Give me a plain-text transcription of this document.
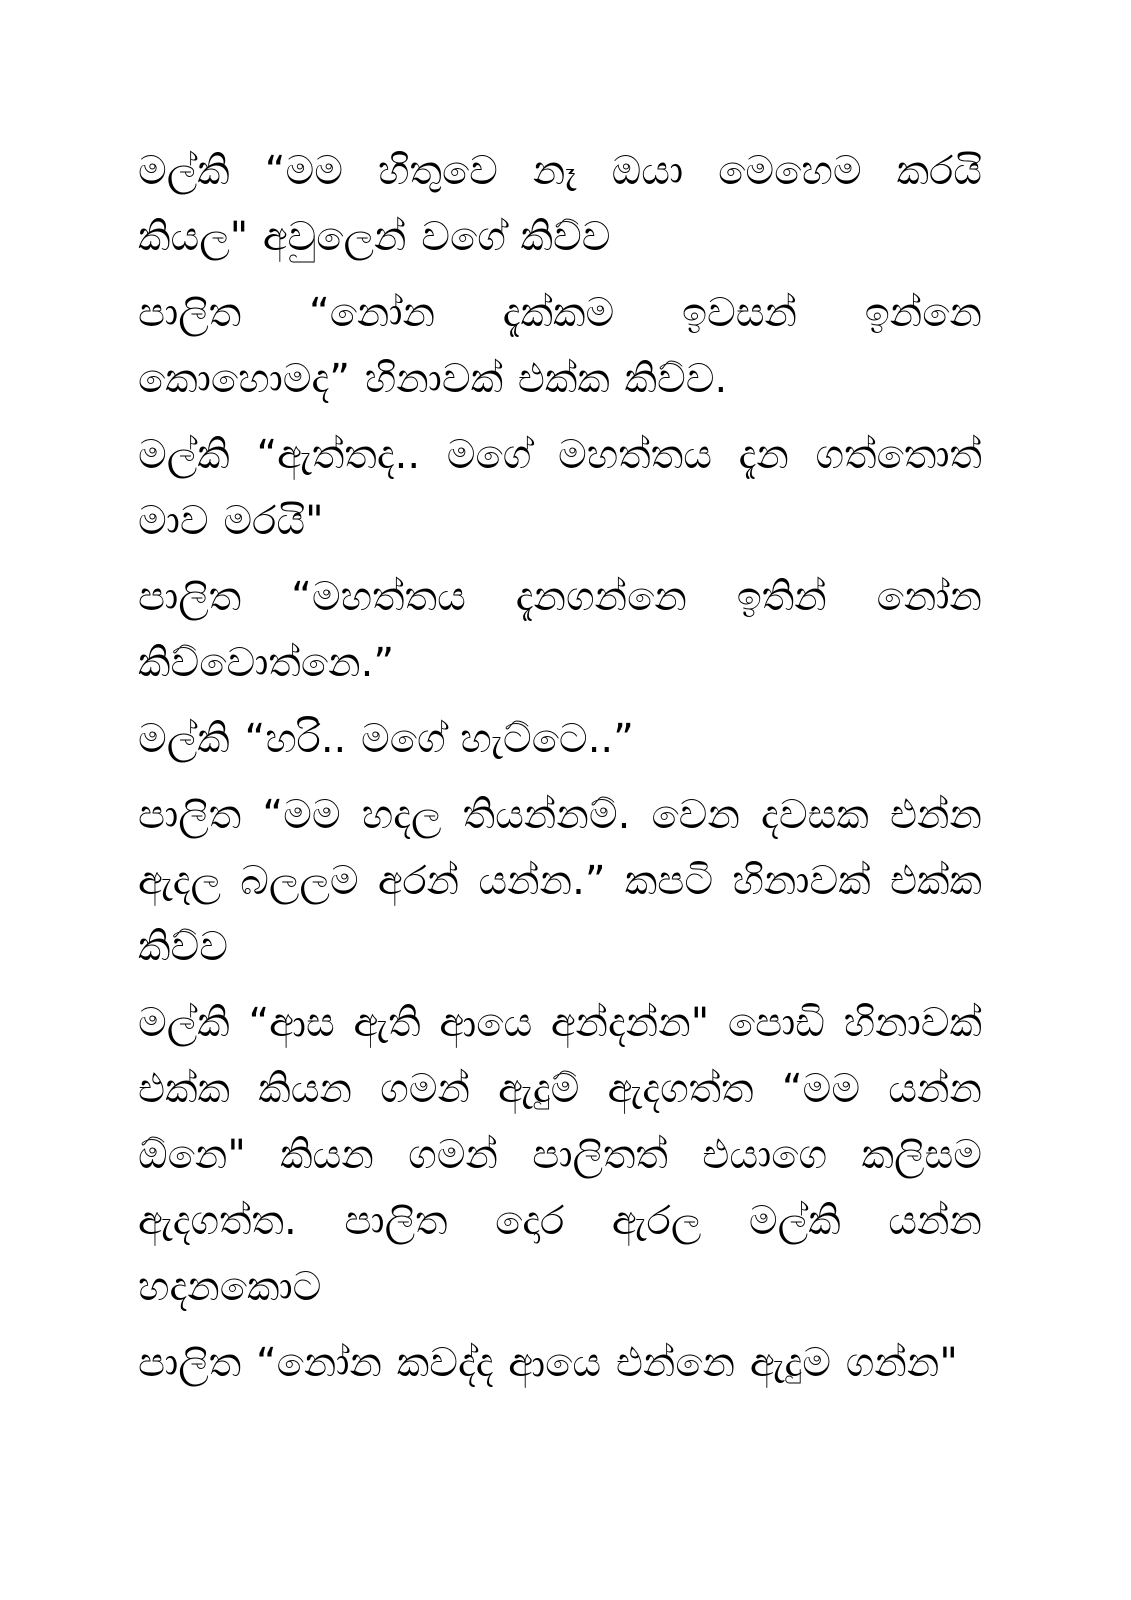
මල්කි “මම හිතුවෙ නෑ ඔයා මෙහෙම කරයි කියල" අවුලෙන් වගේ කිව්ව

පාලිත “නෝන දැක්කම ඉවසන් ඉන්නෙ කොහොමද” හිනාවක් එක්ක කිව්ව.

මල්කි “ඇත්තද.. මගේ මහත්තය දැන ගත්තොත් මාව මරයි"

පාලිත “මහත්තය දැනගන්නෙ ඉතින් නෝන කිව්වොත්නෙ.”

මල්කි “හරි.. මගේ හැට්ටෙ..”

පාලිත “මම හදල තියන්නම්. වෙන දවසක එන්න ඇදල බලලම අරන් යන්න.” කපටි හිනාවක් එක්ක කිව්ව

මල්කි “ආස ඇති ආයෙ අන්දන්න" පොඩි හිනාවක් එක්ක කියන ගමන් ඇදුම් ඇදගත්ත “මම යන්න ඕනෙ" කියන ගමන් පාලිතත් එයාගෙ කලිසම ඇදගත්ත. පාලිත දොර ඇරල මල්කි යන්න හදනකොට

පාලිත “නෝන කවද්ද ආයෙ එන්නෙ ඇදුම ගන්න"
